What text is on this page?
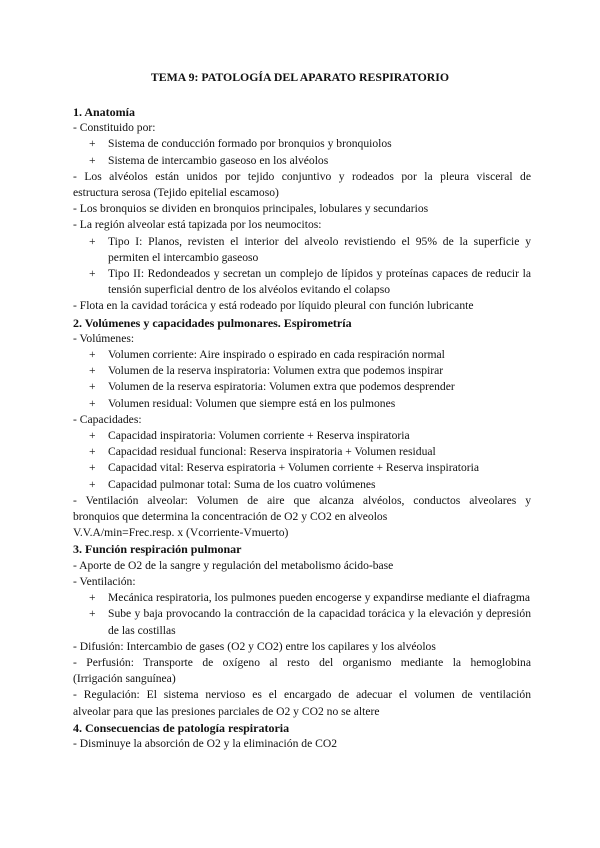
TEMA 9: PATOLOGÍA DEL APARATO RESPIRATORIO
1. Anatomía
- Constituido por:
+ Sistema de conducción formado por bronquios y bronquiolos
+ Sistema de intercambio gaseoso en los alvéolos
- Los alvéolos están unidos por tejido conjuntivo y rodeados por la pleura visceral de
estructura serosa (Tejido epitelial escamoso)
- Los bronquios se dividen en bronquios principales, lobulares y secundarios
- La región alveolar está tapizada por los neumocitos:
+ Tipo I: Planos, revisten el interior del alveolo revistiendo el 95% de la superficie y permiten el intercambio gaseoso
+ Tipo II: Redondeados y secretan un complejo de lípidos y proteínas capaces de reducir la tensión superficial dentro de los alvéolos evitando el colapso
- Flota en la cavidad torácica y está rodeado por líquido pleural con función lubricante
2. Volúmenes y capacidades pulmonares. Espirometría
- Volúmenes:
+ Volumen corriente: Aire inspirado o espirado en cada respiración normal
+ Volumen de la reserva inspiratoria: Volumen extra que podemos inspirar
+ Volumen de la reserva espiratoria: Volumen extra que podemos desprender
+ Volumen residual: Volumen que siempre está en los pulmones
- Capacidades:
+ Capacidad inspiratoria: Volumen corriente + Reserva inspiratoria
+ Capacidad residual funcional: Reserva inspiratoria + Volumen residual
+ Capacidad vital: Reserva espiratoria + Volumen corriente + Reserva inspiratoria
+ Capacidad pulmonar total: Suma de los cuatro volúmenes
- Ventilación alveolar: Volumen de aire que alcanza alvéolos, conductos alveolares y
bronquios que determina la concentración de O2 y CO2 en alveolos
V.V.A/min=Frec.resp. x (Vcorriente-Vmuerto)
3. Función respiración pulmonar
- Aporte de O2 de la sangre y regulación del metabolismo ácido-base
- Ventilación:
+ Mecánica respiratoria, los pulmones pueden encogerse y expandirse mediante el diafragma
+ Sube y baja provocando la contracción de la capacidad torácica y la elevación y depresión de las costillas
- Difusión: Intercambio de gases (O2 y CO2) entre los capilares y los alvéolos
- Perfusión: Transporte de oxígeno al resto del organismo mediante la hemoglobina
(Irrigación sanguínea)
- Regulación: El sistema nervioso es el encargado de adecuar el volumen de ventilación
alveolar para que las presiones parciales de O2 y CO2 no se altere
4. Consecuencias de patología respiratoria
- Disminuye la absorción de O2 y la eliminación de CO2
